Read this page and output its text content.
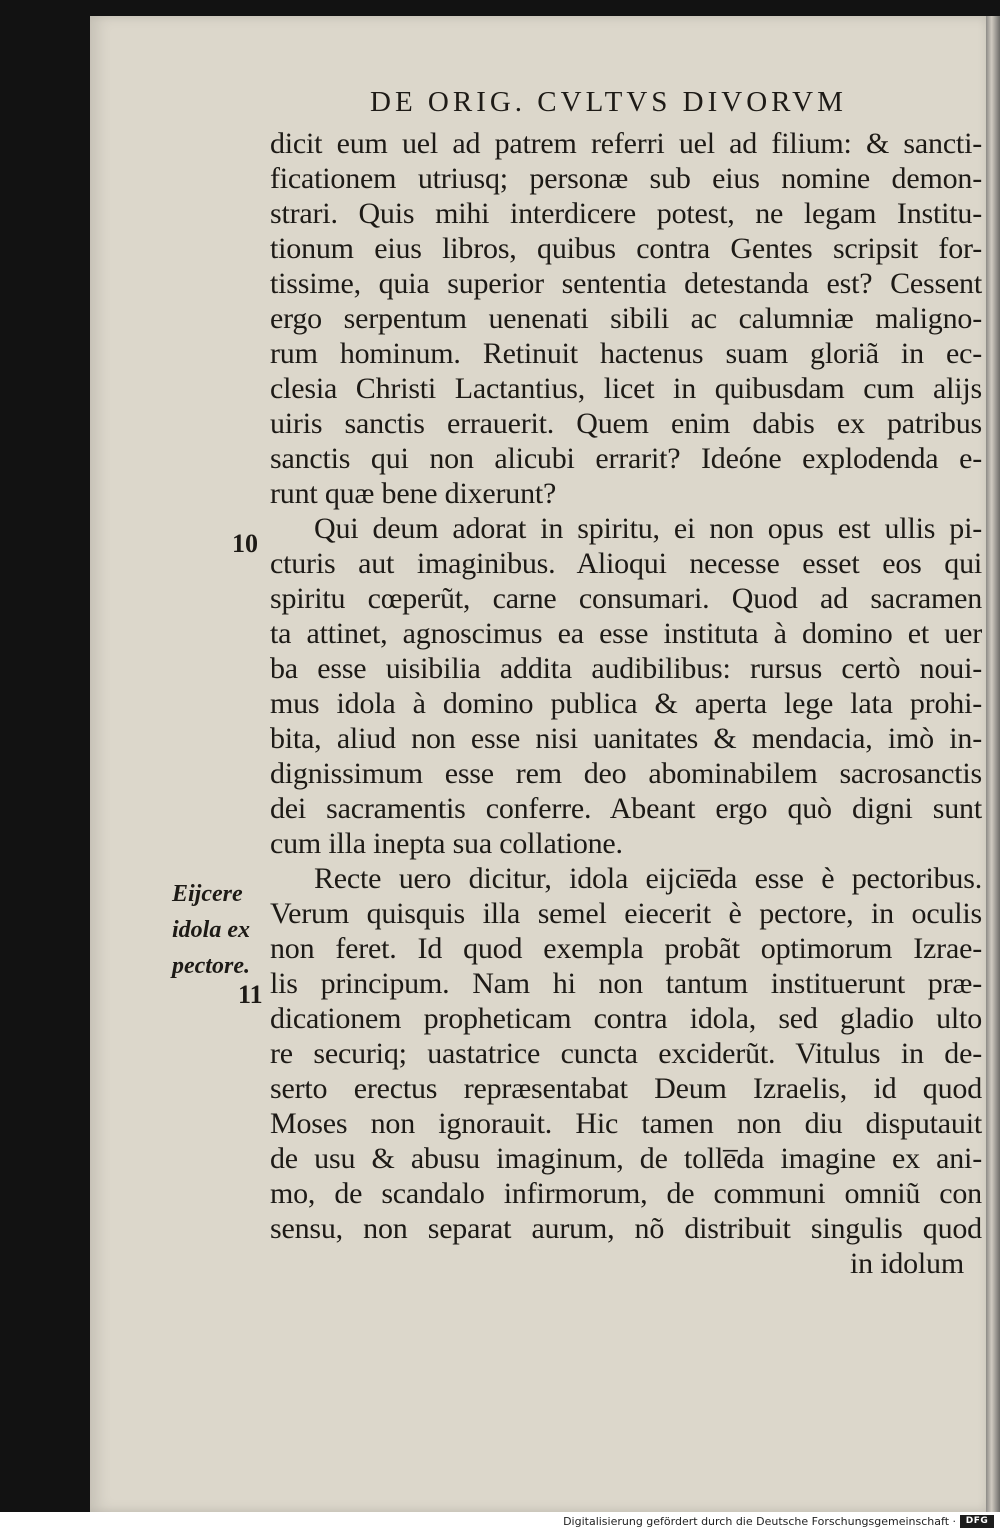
DE ORIG. CVLTVS DIVORVM
10
11
Eijcere
idola ex
pectore.
dicit eum uel ad patrem referri uel ad filium: & sancti-
ficationem utriusq; personæ sub eius nomine demon-
strari. Quis mihi interdicere potest, ne legam Institu-
tionum eius libros, quibus contra Gentes scripsit for-
tissime, quia superior sententia detestanda est? Cessent
ergo serpentum uenenati sibili ac calumniæ maligno-
rum hominum. Retinuit hactenus suam gloriã in ec-
clesia Christi Lactantius, licet in quibusdam cum alijs
uiris sanctis errauerit. Quem enim dabis ex patribus
sanctis qui non alicubi errarit? Ideóne explodenda e-
runt quæ bene dixerunt?
Qui deum adorat in spiritu, ei non opus est ullis pi-
cturis aut imaginibus. Alioqui necesse esset eos qui
spiritu cœperũt, carne consumari. Quod ad sacramen
ta attinet, agnoscimus ea esse instituta à domino et uer
ba esse uisibilia addita audibilibus: rursus certò noui-
mus idola à domino publica & aperta lege lata prohi-
bita, aliud non esse nisi uanitates & mendacia, imò in-
dignissimum esse rem deo abominabilem sacrosanctis
dei sacramentis conferre. Abeant ergo quò digni sunt
cum illa inepta sua collatione.
Recte uero dicitur, idola eijcie̅da esse è pectoribus.
Verum quisquis illa semel eiecerit è pectore, in oculis
non feret. Id quod exempla probãt optimorum Izrae-
lis principum. Nam hi non tantum instituerunt præ-
dicationem propheticam contra idola, sed gladio ulto
re securiq; uastatrice cuncta exciderũt. Vitulus in de-
serto erectus repræsentabat Deum Izraelis, id quod
Moses non ignorauit. Hic tamen non diu disputauit
de usu & abusu imaginum, de tolle̅da imagine ex ani-
mo, de scandalo infirmorum, de communi omniũ con
sensu, non separat aurum, nõ distribuit singulis quod
in idolum
Digitalisierung gefördert durch die Deutsche Forschungsgemeinschaft ·	DFG
